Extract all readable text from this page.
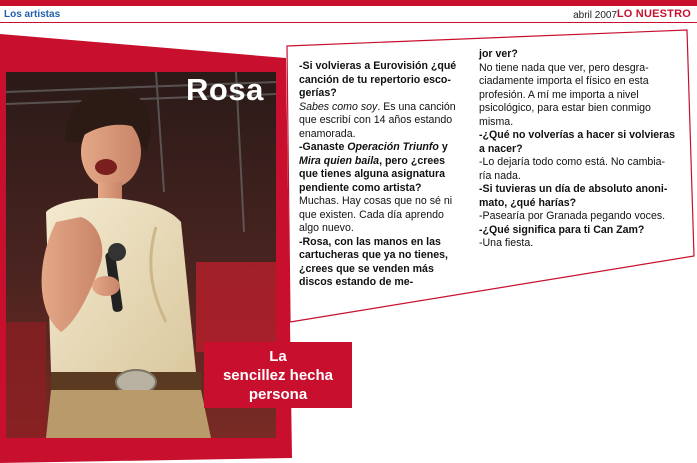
Los artistas	abril 2007 LO NUESTRO
Rosa
La
sencillez hecha
persona
-Si volvieras a Eurovisión ¿qué canción de tu repertorio esco-gerías?
Sabes como soy. Es una canción que escribí con 14 años estando enamorada.
-Ganaste Operación Triunfo y Mira quien baila, pero ¿crees que tienes alguna asignatura pendiente como artista?
Muchas. Hay cosas que no sé ni que existen. Cada día aprendo algo nuevo.
-Rosa, con las manos en las cartucheras que ya no tienes, ¿crees que se venden más discos estando de me-
jor ver?
No tiene nada que ver, pero desgra-ciadamente importa el físico en esta profesión. A mí me importa a nivel psicológico, para estar bien conmigo misma.
-¿Qué no volverías a hacer si volvieras a nacer?
-Lo dejaría todo como está. No cambia-ría nada.
-Si tuvieras un día de absoluto anoni-mato, ¿qué harías?
-Pasearía por Granada pegando voces.
-¿Qué significa para ti Can Zam?
-Una fiesta.
